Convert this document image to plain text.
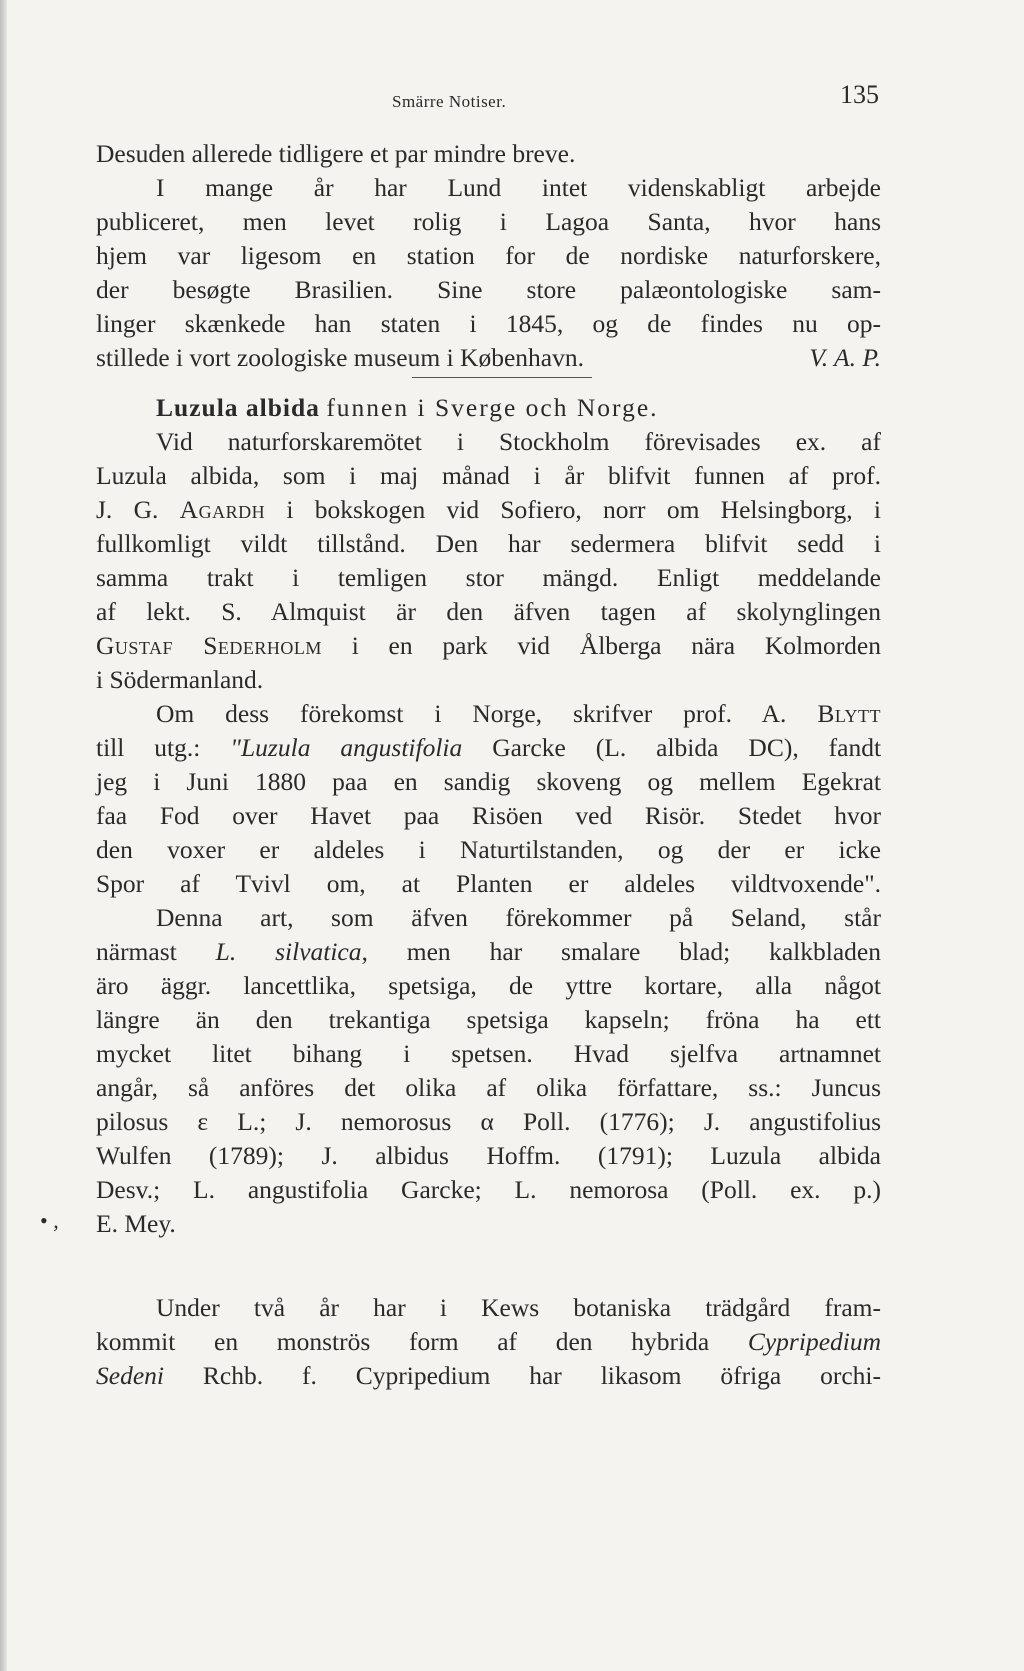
Smärre Notiser.	135
Desuden allerede tidligere et par mindre breve.
I mange år har Lund intet videnskabligt arbejde
publiceret, men levet rolig i Lagoa Santa, hvor hans
hjem var ligesom en station for de nordiske naturforskere,
der besøgte Brasilien. Sine store palæontologiske sam-
linger skænkede han staten i 1845, og de findes nu op-
stillede i vort zoologiske museum i København.	V. A. P.
Luzula albida funnen i Sverge och Norge.
Vid naturforskaremötet i Stockholm förevisades ex. af
Luzula albida, som i maj månad i år blifvit funnen af prof.
J. G. Agardh i bokskogen vid Sofiero, norr om Helsingborg, i
fullkomligt vildt tillstånd. Den har sedermera blifvit sedd i
samma trakt i temligen stor mängd. Enligt meddelande
af lekt. S. Almquist är den äfven tagen af skolynglingen
Gustaf Sederholm i en park vid Ålberga nära Kolmorden
i Södermanland.
Om dess förekomst i Norge, skrifver prof. A. Blytt
till utg.: "Luzula angustifolia Garcke (L. albida DC), fandt
jeg i Juni 1880 paa en sandig skoveng og mellem Egekrat
faa Fod over Havet paa Risöen ved Risör. Stedet hvor
den voxer er aldeles i Naturtilstanden, og der er icke
Spor af Tvivl om, at Planten er aldeles vildtvoxende".
Denna art, som äfven förekommer på Seland, står
närmast L. silvatica, men har smalare blad; kalkbladen
äro äggr. lancettlika, spetsiga, de yttre kortare, alla något
längre än den trekantiga spetsiga kapseln; fröna ha ett
mycket litet bihang i spetsen. Hvad sjelfva artnamnet
angår, så anföres det olika af olika författare, ss.: Juncus
pilosus ε L.; J. nemorosus α Poll. (1776); J. angustifolius
Wulfen (1789); J. albidus Hoffm. (1791); Luzula albida
Desv.; L. angustifolia Garcke; L. nemorosa (Poll. ex. p.)
E. Mey.
• ,
Under två år har i Kews botaniska trädgård fram-
kommit en monströs form af den hybrida Cypripedium
Sedeni Rchb. f. Cypripedium har likasom öfriga orchi-
